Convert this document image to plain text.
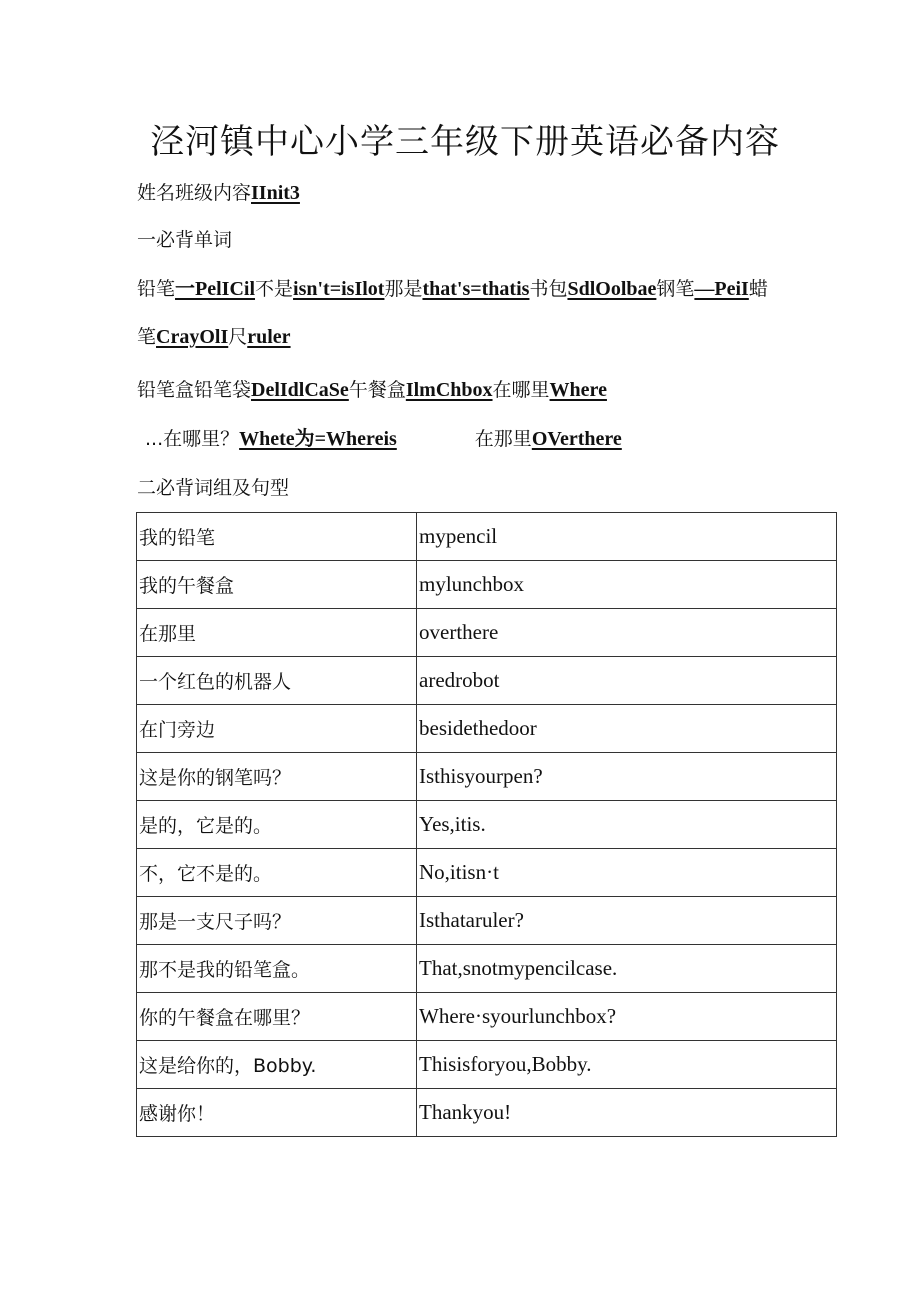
泾河镇中心小学三年级下册英语必备内容
姓名班级内容IInit3
一必背单词
铅笔一PelICil不是isn't=isIlot那是that's=thatis书包SdlOolbae钢笔—PeiI蜡
笔CrayOlI尺ruler
铅笔盒铅笔袋DelIdlCaSe午餐盒IlmChbox在哪里Where
...在哪里？Whete为=Whereis	在那里OVerthere
二必背词组及句型
我的铅笔	mypencil
我的午餐盒	mylunchbox
在那里	overthere
一个红色的机器人	aredrobot
在门旁边	besidethedoor
这是你的钢笔吗？	Isthisyourpen?
是的，它是的。	Yes,itis.
不，它不是的。	No,itisn·t
那是一支尺子吗？	Isthataruler?
那不是我的铅笔盒。	That,snotmypencilcase.
你的午餐盒在哪里？	Where·syourlunchbox?
这是给你的，Bobby.	Thisisforyou,Bobby.
感谢你！	Thankyou!
